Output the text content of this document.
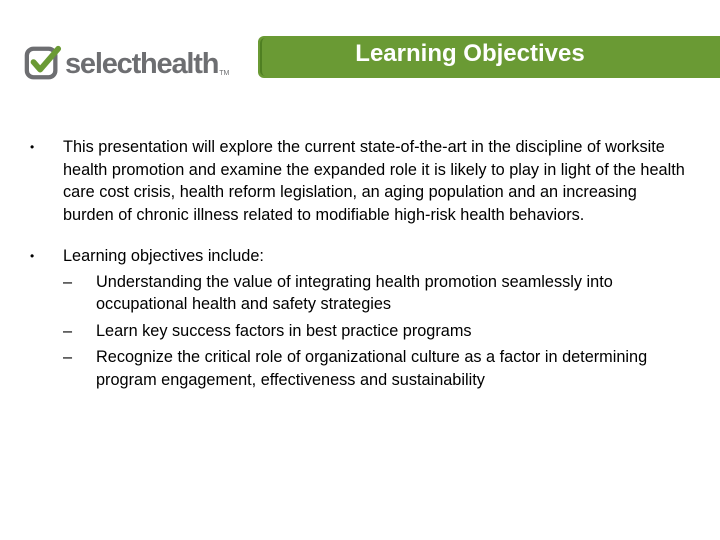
selecthealth TM
Learning Objectives
•	This presentation will explore the current state-of-the-art in the discipline of worksite health promotion and examine the expanded role it is likely to play in light of the health care cost crisis, health reform legislation, an aging population and an increasing burden of chronic illness related to modifiable high-risk health behaviors.
•	Learning objectives include:
–	Understanding the value of integrating health promotion seamlessly into occupational health and safety strategies
–	Learn key success factors in best practice programs
–	Recognize the critical role of organizational culture as a factor in determining program engagement, effectiveness and sustainability
